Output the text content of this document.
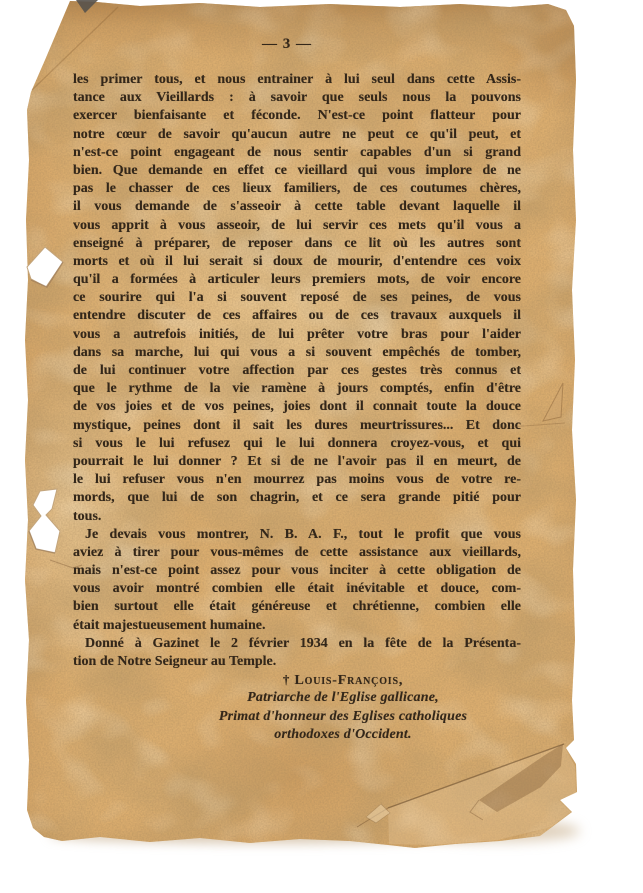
— 3 —
les primer tous, et nous entrainer à lui seul dans cette Assis-
tance aux Vieillards : à savoir que seuls nous la pouvons
exercer bienfaisante et féconde. N'est-ce point flatteur pour
notre cœur de savoir qu'aucun autre ne peut ce qu'il peut, et
n'est-ce point engageant de nous sentir capables d'un si grand
bien. Que demande en effet ce vieillard qui vous implore de ne
pas le chasser de ces lieux familiers, de ces coutumes chères,
il vous demande de s'asseoir à cette table devant laquelle il
vous apprit à vous asseoir, de lui servir ces mets qu'il vous a
enseigné à préparer, de reposer dans ce lit où les autres sont
morts et où il lui serait si doux de mourir, d'entendre ces voix
qu'il a formées à articuler leurs premiers mots, de voir encore
ce sourire qui l'a si souvent reposé de ses peines, de vous
entendre discuter de ces affaires ou de ces travaux auxquels il
vous a autrefois initiés, de lui prêter votre bras pour l'aider
dans sa marche, lui qui vous a si souvent empêchés de tomber,
de lui continuer votre affection par ces gestes très connus et
que le rythme de la vie ramène à jours comptés, enfin d'être
de vos joies et de vos peines, joies dont il connait toute la douce
mystique, peines dont il sait les dures meurtrissures... Et donc
si vous le lui refusez qui le lui donnera croyez-vous, et qui
pourrait le lui donner ? Et si de ne l'avoir pas il en meurt, de
le lui refuser vous n'en mourrez pas moins vous de votre re-
mords, que lui de son chagrin, et ce sera grande pitié pour
tous.
Je devais vous montrer, N. B. A. F., tout le profit que vous
aviez à tirer pour vous-mêmes de cette assistance aux vieillards,
mais n'est-ce point assez pour vous inciter à cette obligation de
vous avoir montré combien elle était inévitable et douce, com-
bien surtout elle était généreuse et chrétienne, combien elle
était majestueusement humaine.
Donné à Gazinet le 2 février 1934 en la fête de la Présenta-
tion de Notre Seigneur au Temple.
† Louis-François,
Patriarche de l'Eglise gallicane,
Primat d'honneur des Eglises catholiques
orthodoxes d'Occident.
